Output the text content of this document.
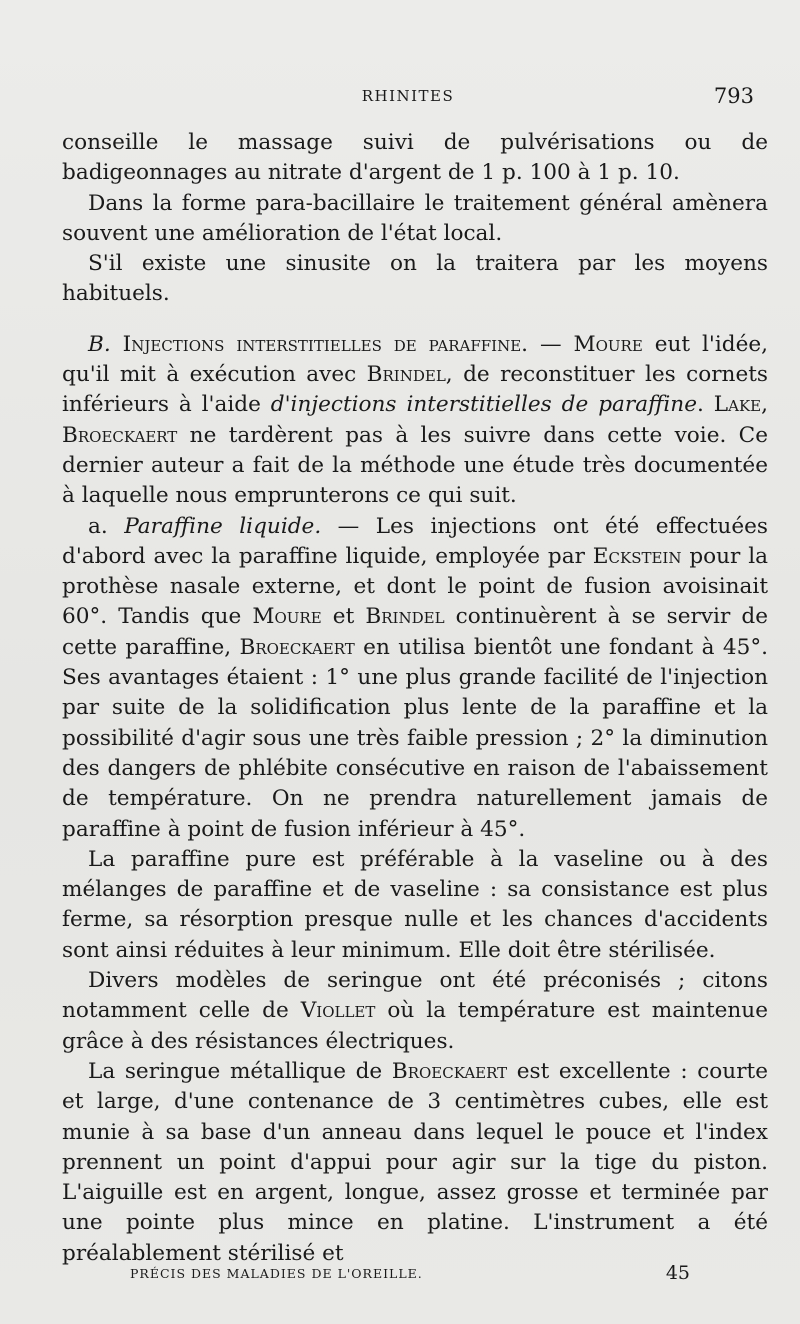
RHINITES	793

conseille le massage suivi de pulvérisations ou de badigeonnages au nitrate d'argent de 1 p. 100 à 1 p. 10.

Dans la forme para-bacillaire le traitement général amènera souvent une amélioration de l'état local.

S'il existe une sinusite on la traitera par les moyens habituels.

B. Injections interstitielles de paraffine. — Moure eut l'idée, qu'il mit à exécution avec Brindel, de reconstituer les cornets inférieurs à l'aide d'injections interstitielles de paraffine. Lake, Broeckaert ne tardèrent pas à les suivre dans cette voie. Ce dernier auteur a fait de la méthode une étude très documentée à laquelle nous emprunterons ce qui suit.

a. Paraffine liquide. — Les injections ont été effectuées d'abord avec la paraffine liquide, employée par Eckstein pour la prothèse nasale externe, et dont le point de fusion avoisinait 60°. Tandis que Moure et Brindel continuèrent à se servir de cette paraffine, Broeckaert en utilisa bientôt une fondant à 45°. Ses avantages étaient : 1° une plus grande facilité de l'injection par suite de la solidification plus lente de la paraffine et la possibilité d'agir sous une très faible pression ; 2° la diminution des dangers de phlébite consécutive en raison de l'abaissement de température. On ne prendra naturellement jamais de paraffine à point de fusion inférieur à 45°.

La paraffine pure est préférable à la vaseline ou à des mélanges de paraffine et de vaseline : sa consistance est plus ferme, sa résorption presque nulle et les chances d'accidents sont ainsi réduites à leur minimum. Elle doit être stérilisée.

Divers modèles de seringue ont été préconisés ; citons notamment celle de Viollet où la température est maintenue grâce à des résistances électriques.

La seringue métallique de Broeckaert est excellente : courte et large, d'une contenance de 3 centimètres cubes, elle est munie à sa base d'un anneau dans lequel le pouce et l'index prennent un point d'appui pour agir sur la tige du piston. L'aiguille est en argent, longue, assez grosse et terminée par une pointe plus mince en platine. L'instrument a été préalablement stérilisé et

PRÉCIS DES MALADIES DE L'OREILLE.	45
